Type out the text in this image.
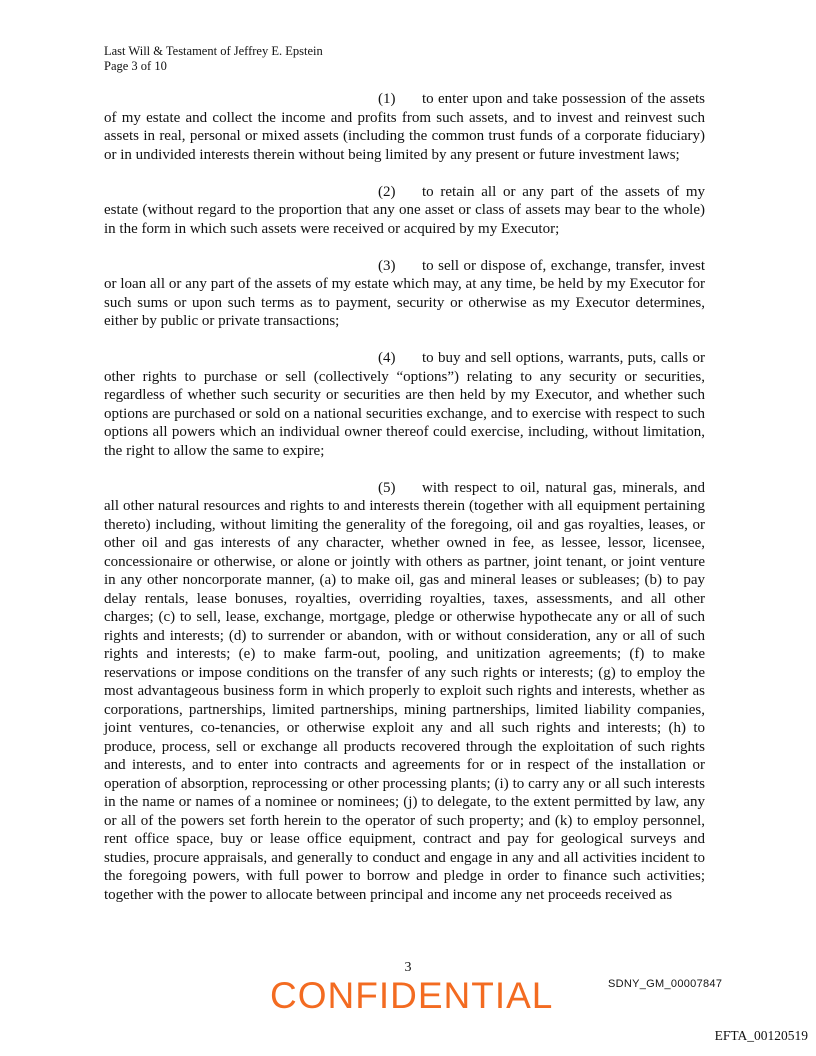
Last Will & Testament of Jeffrey E. Epstein
Page 3 of 10

(1) to enter upon and take possession of the assets of my estate and collect the income and profits from such assets, and to invest and reinvest such assets in real, personal or mixed assets (including the common trust funds of a corporate fiduciary) or in undivided interests therein without being limited by any present or future investment laws;

(2) to retain all or any part of the assets of my estate (without regard to the proportion that any one asset or class of assets may bear to the whole) in the form in which such assets were received or acquired by my Executor;

(3) to sell or dispose of, exchange, transfer, invest or loan all or any part of the assets of my estate which may, at any time, be held by my Executor for such sums or upon such terms as to payment, security or otherwise as my Executor determines, either by public or private transactions;

(4) to buy and sell options, warrants, puts, calls or other rights to purchase or sell (collectively “options”) relating to any security or securities, regardless of whether such security or securities are then held by my Executor, and whether such options are purchased or sold on a national securities exchange, and to exercise with respect to such options all powers which an individual owner thereof could exercise, including, without limitation, the right to allow the same to expire;

(5) with respect to oil, natural gas, minerals, and all other natural resources and rights to and interests therein (together with all equipment pertaining thereto) including, without limiting the generality of the foregoing, oil and gas royalties, leases, or other oil and gas interests of any character, whether owned in fee, as lessee, lessor, licensee, concessionaire or otherwise, or alone or jointly with others as partner, joint tenant, or joint venture in any other noncorporate manner, (a) to make oil, gas and mineral leases or subleases; (b) to pay delay rentals, lease bonuses, royalties, overriding royalties, taxes, assessments, and all other charges; (c) to sell, lease, exchange, mortgage, pledge or otherwise hypothecate any or all of such rights and interests; (d) to surrender or abandon, with or without consideration, any or all of such rights and interests; (e) to make farm-out, pooling, and unitization agreements; (f) to make reservations or impose conditions on the transfer of any such rights or interests; (g) to employ the most advantageous business form in which properly to exploit such rights and interests, whether as corporations, partnerships, limited partnerships, mining partnerships, limited liability companies, joint ventures, co-tenancies, or otherwise exploit any and all such rights and interests; (h) to produce, process, sell or exchange all products recovered through the exploitation of such rights and interests, and to enter into contracts and agreements for or in respect of the installation or operation of absorption, reprocessing or other processing plants; (i) to carry any or all such interests in the name or names of a nominee or nominees; (j) to delegate, to the extent permitted by law, any or all of the powers set forth herein to the operator of such property; and (k) to employ personnel, rent office space, buy or lease office equipment, contract and pay for geological surveys and studies, procure appraisals, and generally to conduct and engage in any and all activities incident to the foregoing powers, with full power to borrow and pledge in order to finance such activities; together with the power to allocate between principal and income any net proceeds received as

3
CONFIDENTIAL	SDNY_GM_00007847
EFTA_00120519
